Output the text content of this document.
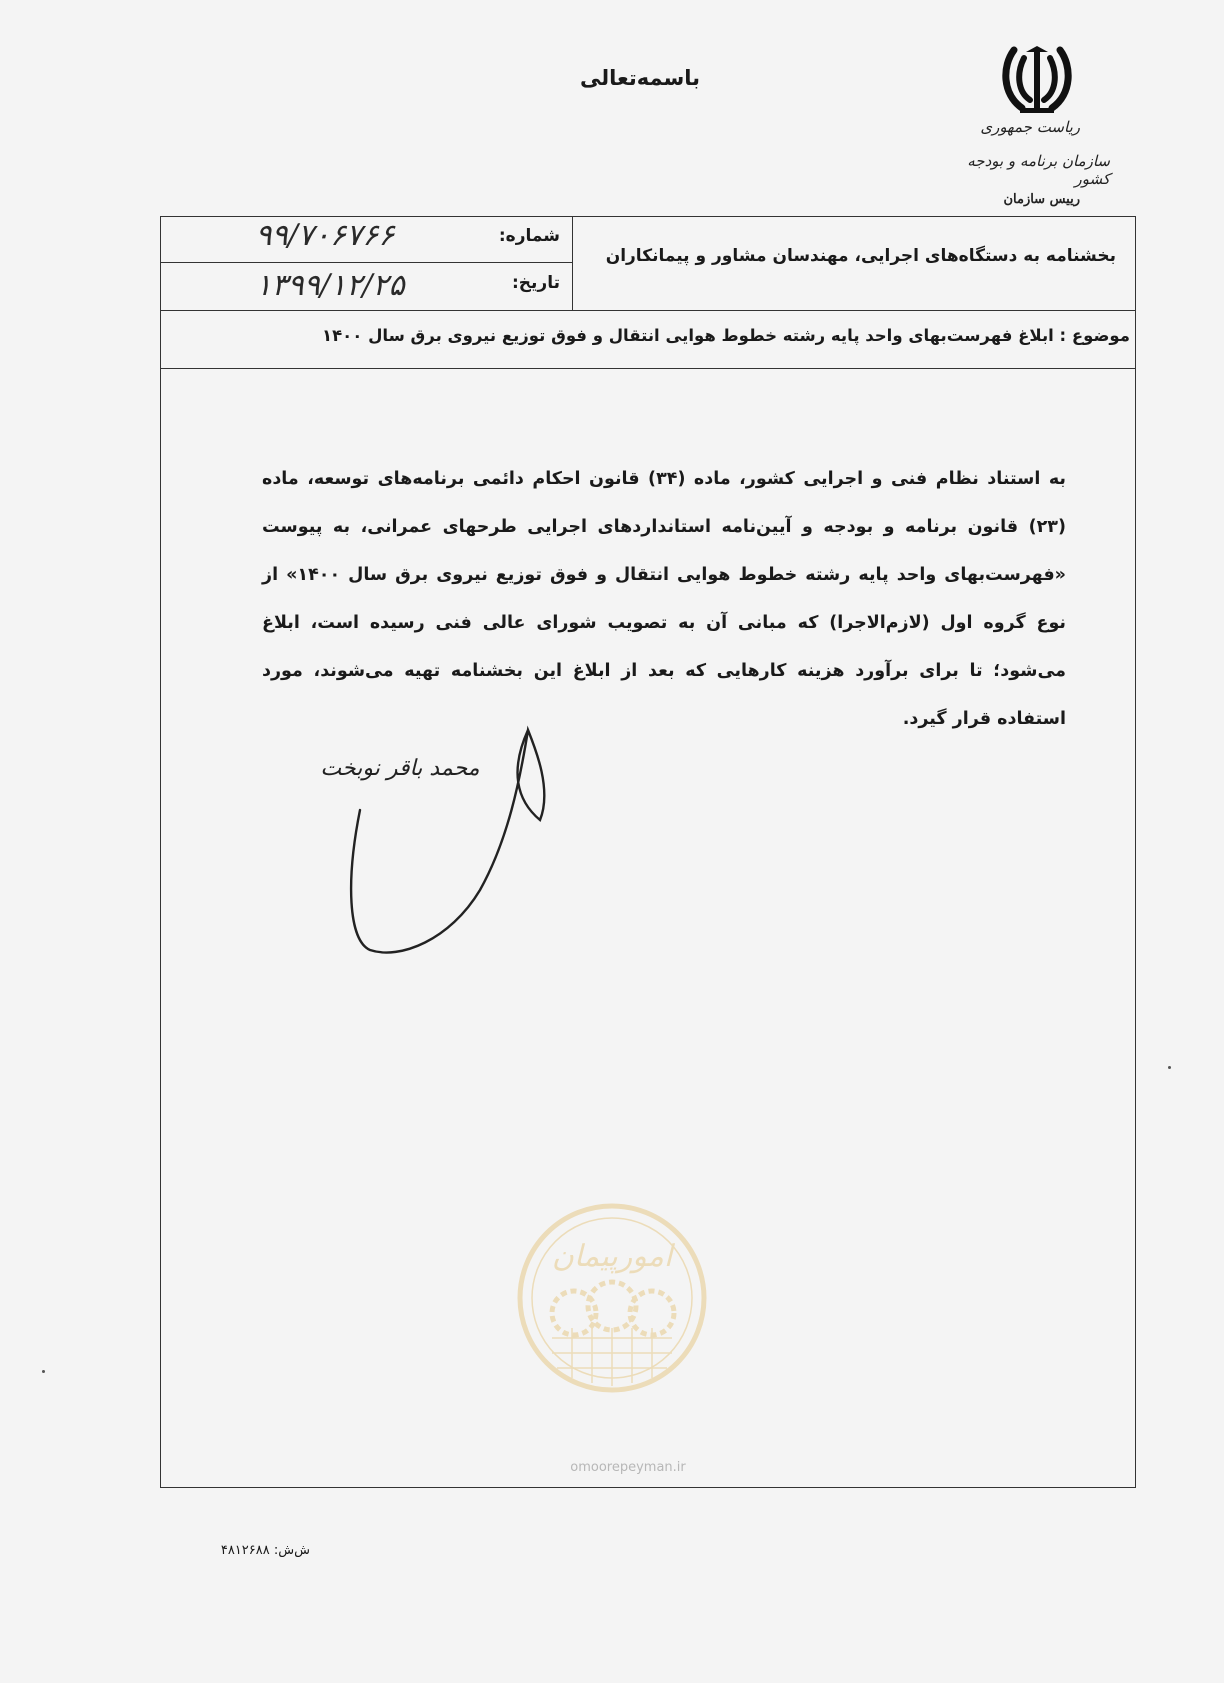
باسمه‌تعالی
ریاست جمهوری
سازمان برنامه و بودجه کشور
رییس سازمان
بخشنامه به دستگاه‌های اجرایی، مهندسان مشاور و پیمانکاران
شماره:
۹۹/۷۰۶۷۶۶
تاریخ:
۱۳۹۹/۱۲/۲۵
موضوع : ابلاغ فهرست‌بهای واحد پایه رشته خطوط هوایی انتقال و فوق توزیع نیروی برق سال ۱۴۰۰
به استناد نظام فنی و اجرایی کشور، ماده (۳۴) قانون احکام دائمی برنامه‌های توسعه، ماده (۲۳) قانون برنامه و بودجه و آیین‌نامه استانداردهای اجرایی طرحهای عمرانی، به پیوست «فهرست‌بهای واحد پایه رشته خطوط هوایی انتقال و فوق توزیع نیروی برق سال ۱۴۰۰» از نوع گروه اول (لازم‌الاجرا) که مبانی آن به تصویب شورای عالی فنی رسیده است، ابلاغ می‌شود؛ تا برای برآورد هزینه کارهایی که بعد از ابلاغ این بخشنامه تهیه می‌شوند، مورد استفاده قرار گیرد.
محمد باقر نوبخت
امورپیمان
omoorepeyman.ir
ش‌ش: ۴۸۱۲۶۸۸
